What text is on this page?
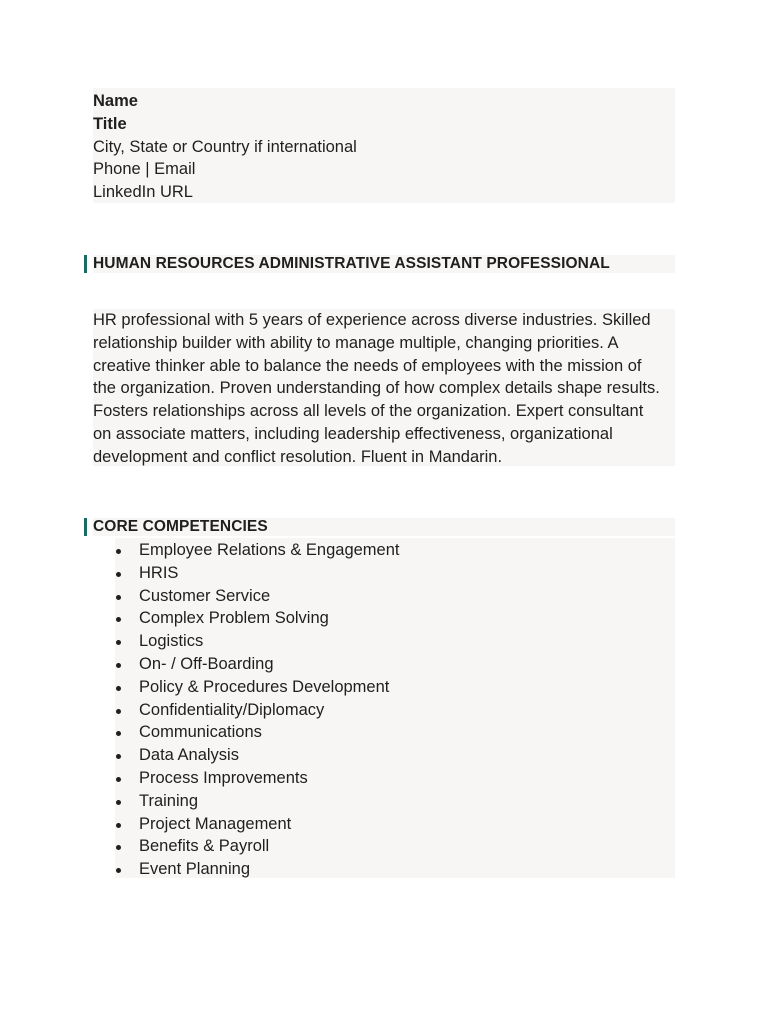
Name
Title
City, State or Country if international
Phone | Email
LinkedIn URL
HUMAN RESOURCES ADMINISTRATIVE ASSISTANT PROFESSIONAL

HR professional with 5 years of experience across diverse industries. Skilled
relationship builder with ability to manage multiple, changing priorities. A
creative thinker able to balance the needs of employees with the mission of
the organization. Proven understanding of how complex details shape results.
Fosters relationships across all levels of the organization. Expert consultant
on associate matters, including leadership effectiveness, organizational
development and conflict resolution. Fluent in Mandarin.

CORE COMPETENCIES
Employee Relations & Engagement
HRIS
Customer Service
Complex Problem Solving
Logistics
On- / Off-Boarding
Policy & Procedures Development
Confidentiality/Diplomacy
Communications
Data Analysis
Process Improvements
Training
Project Management
Benefits & Payroll
Event Planning
